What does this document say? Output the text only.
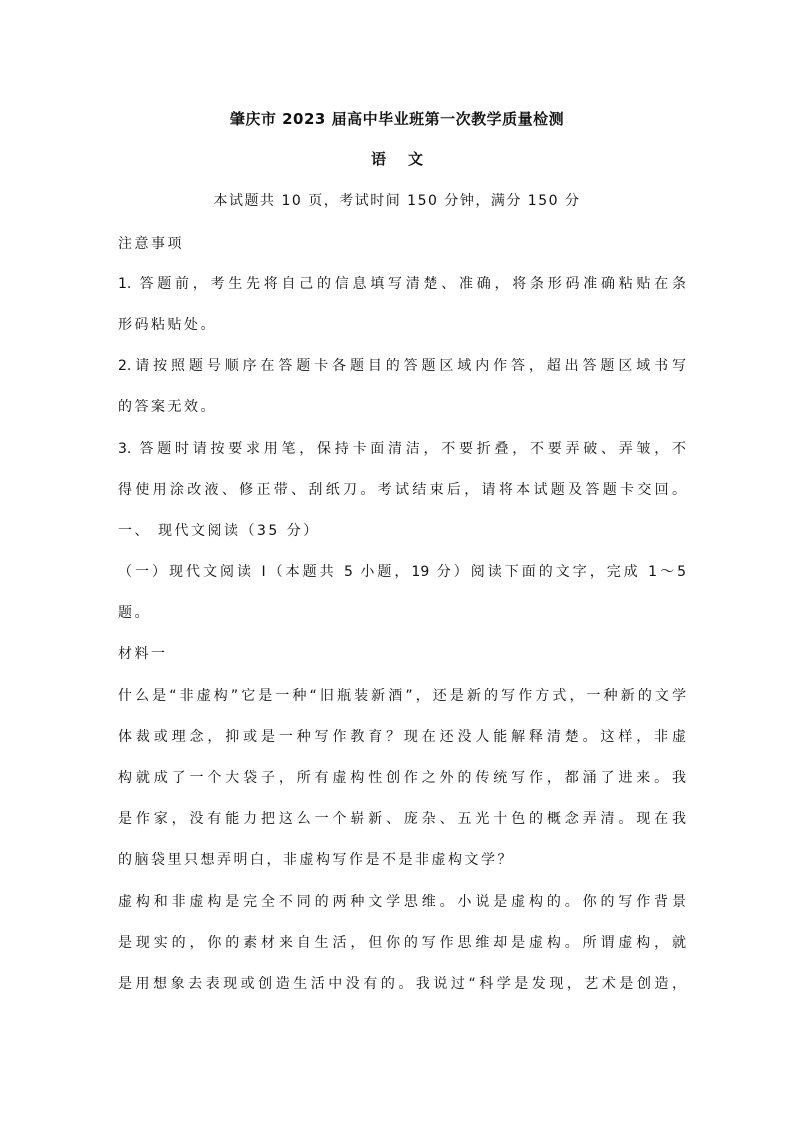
肇庆市 2023 届高中毕业班第一次教学质量检测
语文
本试题共 10 页，考试时间 150 分钟，满分 150 分
注意事项
1. 答题前，考生先将自己的信息填写清楚、准确，将条形码准确粘贴在条
形码粘贴处。
2.请按照题号顺序在答题卡各题目的答题区域内作答，超出答题区域书写
的答案无效。
3. 答题时请按要求用笔，保持卡面清洁，不要折叠，不要弄破、弄皱，不
得使用涂改液、修正带、刮纸刀。考试结束后，请将本试题及答题卡交回。
一、 现代文阅读（35 分）
（一）现代文阅读 I（本题共 5 小题，19 分）阅读下面的文字，完成 1～5
题。
材料一
什么是“非虚构”它是一种“旧瓶装新酒”，还是新的写作方式，一种新的文学
体裁或理念，抑或是一种写作教育？现在还没人能解释清楚。这样，非虚
构就成了一个大袋子，所有虚构性创作之外的传统写作，都涌了进来。我
是作家，没有能力把这么一个崭新、庞杂、五光十色的概念弄清。现在我
的脑袋里只想弄明白，非虚构写作是不是非虚构文学？
虚构和非虚构是完全不同的两种文学思维。小说是虚构的。你的写作背景
是现实的，你的素材来自生活，但你的写作思维却是虚构。所谓虚构，就
是用想象去表现或创造生活中没有的。我说过“科学是发现，艺术是创造，
